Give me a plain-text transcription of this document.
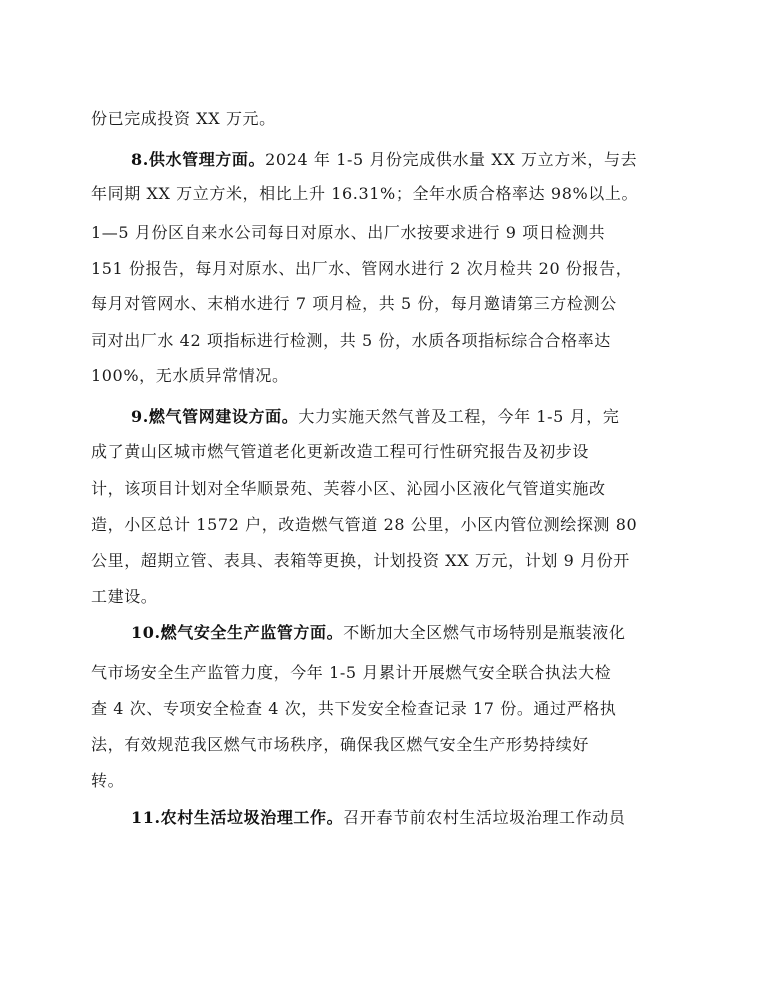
份已完成投资 XX 万元。
8.供水管理方面。2024 年 1-5 月份完成供水量 XX 万立方米，与去
年同期 XX 万立方米，相比上升 16.31%；全年水质合格率达 98%以上。
1—5 月份区自来水公司每日对原水、出厂水按要求进行 9 项日检测共
151 份报告，每月对原水、出厂水、管网水进行 2 次月检共 20 份报告，
每月对管网水、末梢水进行 7 项月检，共 5 份，每月邀请第三方检测公
司对出厂水 42 项指标进行检测，共 5 份，水质各项指标综合合格率达
100%，无水质异常情况。
9.燃气管网建设方面。大力实施天然气普及工程，今年 1-5 月，完
成了黄山区城市燃气管道老化更新改造工程可行性研究报告及初步设
计，该项目计划对全华顺景苑、芙蓉小区、沁园小区液化气管道实施改
造，小区总计 1572 户，改造燃气管道 28 公里，小区内管位测绘探测 80
公里，超期立管、表具、表箱等更换，计划投资 XX 万元，计划 9 月份开
工建设。
10.燃气安全生产监管方面。不断加大全区燃气市场特别是瓶装液化
气市场安全生产监管力度，今年 1-5 月累计开展燃气安全联合执法大检
查 4 次、专项安全检查 4 次，共下发安全检查记录 17 份。通过严格执
法，有效规范我区燃气市场秩序，确保我区燃气安全生产形势持续好
转。
11.农村生活垃圾治理工作。召开春节前农村生活垃圾治理工作动员
